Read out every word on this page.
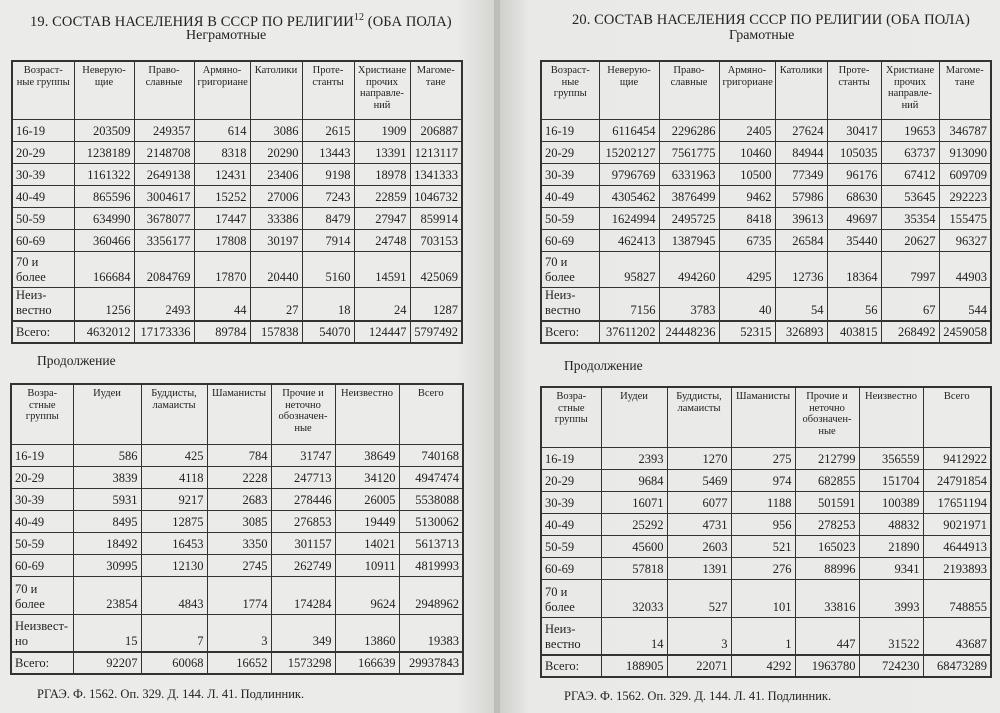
19. СОСТАВ НАСЕЛЕНИЯ В СССР ПО РЕЛИГИИ$^{12}$ (ОБА ПОЛА)
Неграмотные
Возраст-ные группы	Неверую-щие	Право-славные	Армяно-григориане	Католики	Проте-станты	Христиане прочих направле-ний	Магоме-тане
16-19	203509	249357	614	3086	2615	1909	206887
20-29	1238189	2148708	8318	20290	13443	13391	1213117
30-39	1161322	2649138	12431	23406	9198	18978	1341333
40-49	865596	3004617	15252	27006	7243	22859	1046732
50-59	634990	3678077	17447	33386	8479	27947	859914
60-69	360466	3356177	17808	30197	7914	24748	703153
70 и более	166684	2084769	17870	20440	5160	14591	425069
Неиз-вестно	1256	2493	44	27	18	24	1287
Всего:	4632012	17173336	89784	157838	54070	124447	5797492
Продолжение
Возра-стные группы	Иудеи	Буддисты, ламаисты	Шаманисты	Прочие и неточно обозначен-ные	Неизвестно	Всего
16-19	586	425	784	31747	38649	740168
20-29	3839	4118	2228	247713	34120	4947474
30-39	5931	9217	2683	278446	26005	5538088
40-49	8495	12875	3085	276853	19449	5130062
50-59	18492	16453	3350	301157	14021	5613713
60-69	30995	12130	2745	262749	10911	4819993
70 и более	23854	4843	1774	174284	9624	2948962
Неизвест-но	15	7	3	349	13860	19383
Всего:	92207	60068	16652	1573298	166639	29937843
РГАЭ. Ф. 1562. Оп. 329. Д. 144. Л. 41. Подлинник.
20. СОСТАВ НАСЕЛЕНИЯ СССР ПО РЕЛИГИИ (ОБА ПОЛА)
Грамотные
Возраст-ные группы	Неверую-щие	Право-славные	Армяно-григориане	Католики	Проте-станты	Христиане прочих направле-ний	Магоме-тане
16-19	6116454	2296286	2405	27624	30417	19653	346787
20-29	15202127	7561775	10460	84944	105035	63737	913090
30-39	9796769	6331963	10500	77349	96176	67412	609709
40-49	4305462	3876499	9462	57986	68630	53645	292223
50-59	1624994	2495725	8418	39613	49697	35354	155475
60-69	462413	1387945	6735	26584	35440	20627	96327
70 и более	95827	494260	4295	12736	18364	7997	44903
Неиз-вестно	7156	3783	40	54	56	67	544
Всего:	37611202	24448236	52315	326893	403815	268492	2459058
Продолжение
Возра-стные группы	Иудеи	Буддисты, ламаисты	Шаманисты	Прочие и неточно обозначен-ные	Неизвестно	Всего
16-19	2393	1270	275	212799	356559	9412922
20-29	9684	5469	974	682855	151704	24791854
30-39	16071	6077	1188	501591	100389	17651194
40-49	25292	4731	956	278253	48832	9021971
50-59	45600	2603	521	165023	21890	4644913
60-69	57818	1391	276	88996	9341	2193893
70 и более	32033	527	101	33816	3993	748855
Неиз-вестно	14	3	1	447	31522	43687
Всего:	188905	22071	4292	1963780	724230	68473289
РГАЭ. Ф. 1562. Оп. 329. Д. 144. Л. 41. Подлинник.
